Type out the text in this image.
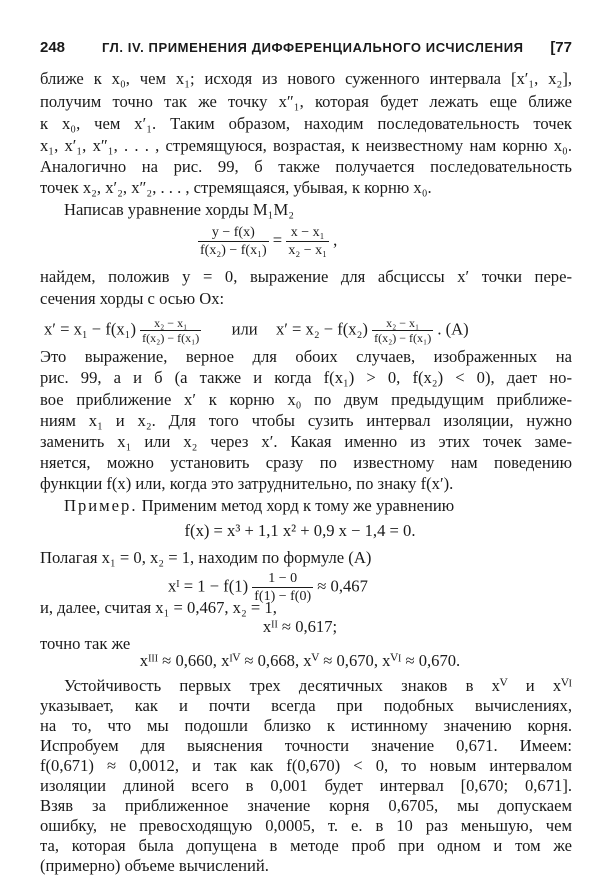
248	ГЛ. IV. ПРИМЕНЕНИЯ ДИФФЕРЕНЦИАЛЬНОГО ИСЧИСЛЕНИЯ [77
ближе к x₀, чем x₁; исходя из нового суженного интервала [x′₁, x₂],
получим точно так же точку x″₁, которая будет лежать еще ближе
к x₀, чем x′₁. Таким образом, находим последовательность точек
x₁, x′₁, x″₁, . . . , стремящуюся, возрастая, к неизвестному нам корню x₀.
Аналогично на рис. 99, б также получается последовательность
точек x₂, x′₂, x″₂, . . . , стремящаяся, убывая, к корню x₀.
Написав уравнение хорды M₁M₂
$\frac{y - f(x)}{\text{f(x₂) − f(x₁)}} = \frac{\text{x − x₁}}{\text{x₂ − x₁}}$ ,
найдем, положив y = 0, выражение для абсциссы x′ точки пере-
сечения хорды с осью Ox:
$x' = x_1 - f(x_1) \frac{\text{x₂ − x₁}}{\text{f(x₂) − f(x₁)}}$ или $x' = x_2 - f(x_2) \frac{\text{x₂ − x₁}}{\text{f(x₂) − f(x₁)}}$ . (A)
Это выражение, верное для обоих случаев, изображенных на
рис. 99, а и б (а также и когда f(x₁) > 0, f(x₂) < 0), дает но-
вое приближение x′ к корню x₀ по двум предыдущим приближе-
ниям x₁ и x₂. Для того чтобы сузить интервал изоляции, нужно
заменить x₁ или x₂ через x′. Какая именно из этих точек заме-
няется, можно установить сразу по известному нам поведению
функции f(x) или, когда это затруднительно, по знаку f(x′).
Пример. Применим метод хорд к тому же уравнению
f(x) = x³ + 1,1 x² + 0,9 x − 1,4 = 0.
Полагая x₁ = 0, x₂ = 1, находим по формуле (A)
xᴵ = $1 - f(1) \frac{1 - 0}{f(1) - f(0)} \approx 0,467$
и, далее, считая x₁ = 0,467, x₂ = 1,
xᴵᴵ ≈ 0,617;
точно так же
xᴵᴵᴵ ≈ 0,660, xᴵⱽ ≈ 0,668, xⱽ ≈ 0,670, xⱽᴵ ≈ 0,670.
Устойчивость первых трех десятичных знаков в xⱽ и xⱽᴵ
указывает, как и почти всегда при подобных вычислениях,
на то, что мы подошли близко к истинному значению корня.
Испробуем для выяснения точности значение 0,671. Имеем:
f(0,671) ≈ 0,0012, и так как f(0,670) < 0, то новым интервалом
изоляции длиной всего в 0,001 будет интервал [0,670; 0,671].
Взяв за приближенное значение корня 0,6705, мы допускаем
ошибку, не превосходящую 0,0005, т. е. в 10 раз меньшую, чем
та, которая была допущена в методе проб при одном и том же
(примерно) объеме вычислений.
